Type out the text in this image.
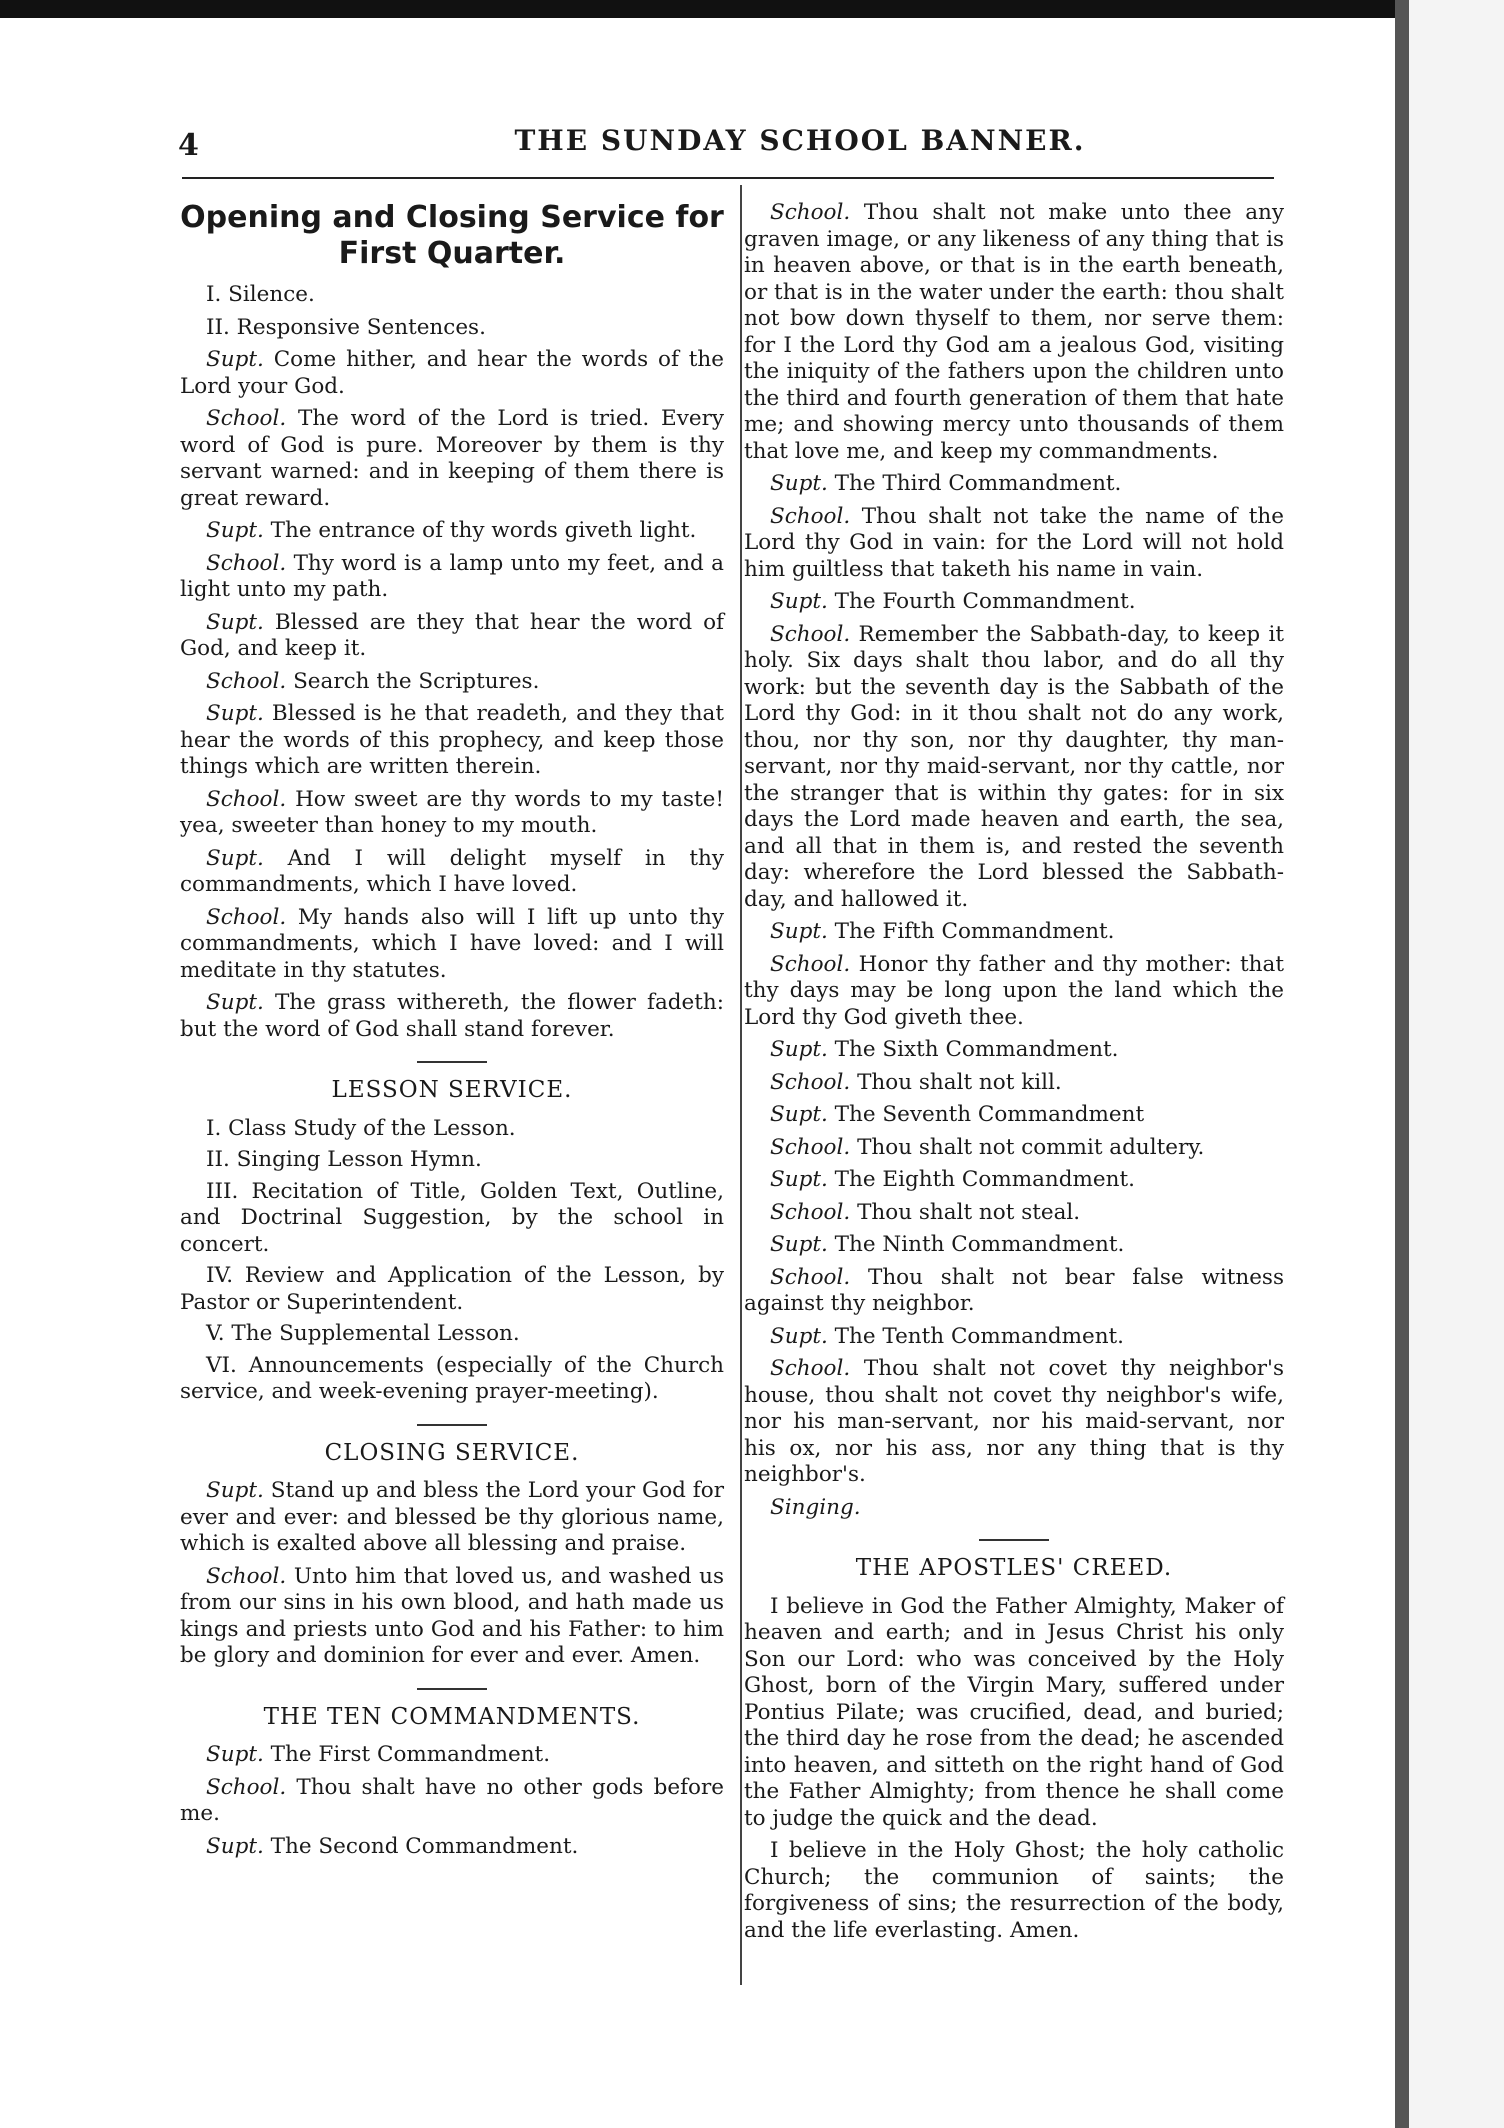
4	THE SUNDAY SCHOOL BANNER.
Opening and Closing Service for First Quarter.

I. Silence.

II. Responsive Sentences.

Supt. Come hither, and hear the words of the Lord your God.

School. The word of the Lord is tried. Every word of God is pure. Moreover by them is thy servant warned: and in keeping of them there is great reward.

Supt. The entrance of thy words giveth light.

School. Thy word is a lamp unto my feet, and a light unto my path.

Supt. Blessed are they that hear the word of God, and keep it.

School. Search the Scriptures.

Supt. Blessed is he that readeth, and they that hear the words of this prophecy, and keep those things which are written therein.

School. How sweet are thy words to my taste! yea, sweeter than honey to my mouth.

Supt. And I will delight myself in thy commandments, which I have loved.

School. My hands also will I lift up unto thy commandments, which I have loved: and I will meditate in thy statutes.

Supt. The grass withereth, the flower fadeth: but the word of God shall stand forever.

LESSON SERVICE.
I. Class Study of the Lesson.
II. Singing Lesson Hymn.
III. Recitation of Title, Golden Text, Outline, and Doctrinal Suggestion, by the school in concert.
IV. Review and Application of the Lesson, by Pastor or Superintendent.
V. The Supplemental Lesson.
VI. Announcements (especially of the Church service, and week-evening prayer-meeting).
CLOSING SERVICE.

Supt. Stand up and bless the Lord your God for ever and ever: and blessed be thy glorious name, which is exalted above all blessing and praise.

School. Unto him that loved us, and washed us from our sins in his own blood, and hath made us kings and priests unto God and his Father: to him be glory and dominion for ever and ever. Amen.

THE TEN COMMANDMENTS.

Supt. The First Commandment.

School. Thou shalt have no other gods before me.

Supt. The Second Commandment.

School. Thou shalt not make unto thee any graven image, or any likeness of any thing that is in heaven above, or that is in the earth beneath, or that is in the water under the earth: thou shalt not bow down thyself to them, nor serve them: for I the Lord thy God am a jealous God, visiting the iniquity of the fathers upon the children unto the third and fourth generation of them that hate me; and showing mercy unto thousands of them that love me, and keep my commandments.

Supt. The Third Commandment.

School. Thou shalt not take the name of the Lord thy God in vain: for the Lord will not hold him guiltless that taketh his name in vain.

Supt. The Fourth Commandment.

School. Remember the Sabbath-day, to keep it holy. Six days shalt thou labor, and do all thy work: but the seventh day is the Sabbath of the Lord thy God: in it thou shalt not do any work, thou, nor thy son, nor thy daughter, thy man-servant, nor thy maid-servant, nor thy cattle, nor the stranger that is within thy gates: for in six days the Lord made heaven and earth, the sea, and all that in them is, and rested the seventh day: wherefore the Lord blessed the Sabbath-day, and hallowed it.

Supt. The Fifth Commandment.

School. Honor thy father and thy mother: that thy days may be long upon the land which the Lord thy God giveth thee.

Supt. The Sixth Commandment.

School. Thou shalt not kill.

Supt. The Seventh Commandment

School. Thou shalt not commit adultery.

Supt. The Eighth Commandment.

School. Thou shalt not steal.

Supt. The Ninth Commandment.

School. Thou shalt not bear false witness against thy neighbor.

Supt. The Tenth Commandment.

School. Thou shalt not covet thy neighbor's house, thou shalt not covet thy neighbor's wife, nor his man-servant, nor his maid-servant, nor his ox, nor his ass, nor any thing that is thy neighbor's.

Singing.

THE APOSTLES' CREED.

I believe in God the Father Almighty, Maker of heaven and earth; and in Jesus Christ his only Son our Lord: who was conceived by the Holy Ghost, born of the Virgin Mary, suffered under Pontius Pilate; was crucified, dead, and buried; the third day he rose from the dead; he ascended into heaven, and sitteth on the right hand of God the Father Almighty; from thence he shall come to judge the quick and the dead.

I believe in the Holy Ghost; the holy catholic Church; the communion of saints; the forgiveness of sins; the resurrection of the body, and the life everlasting. Amen.
